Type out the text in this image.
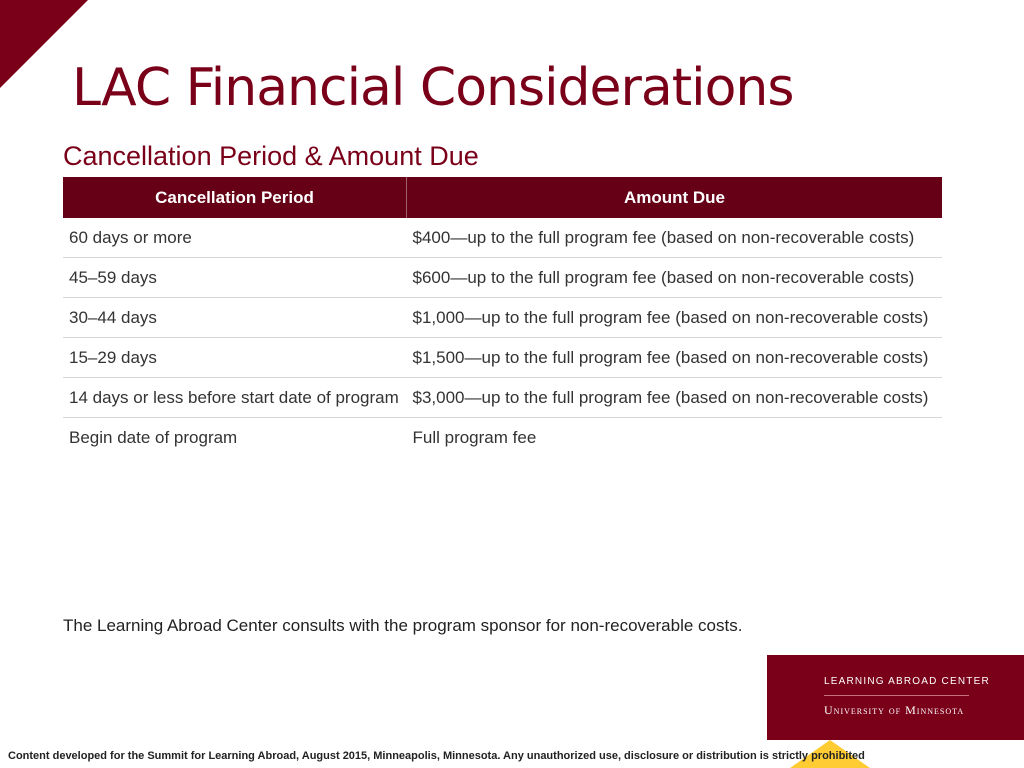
LAC Financial Considerations
Cancellation Period & Amount Due
Cancellation Period	Amount Due
60 days or more	$400—up to the full program fee (based on non-recoverable costs)
45–59 days	$600—up to the full program fee (based on non-recoverable costs)
30–44 days	$1,000—up to the full program fee (based on non-recoverable costs)
15–29 days	$1,500—up to the full program fee (based on non-recoverable costs)
14 days or less before start date of program	$3,000—up to the full program fee (based on non-recoverable costs)
Begin date of program	Full program fee
The Learning Abroad Center consults with the program sponsor for non-recoverable costs.
LEARNING ABROAD CENTER
University of Minnesota
Content developed for the Summit for Learning Abroad, August 2015, Minneapolis, Minnesota. Any unauthorized use, disclosure or distribution is strictly prohibited
